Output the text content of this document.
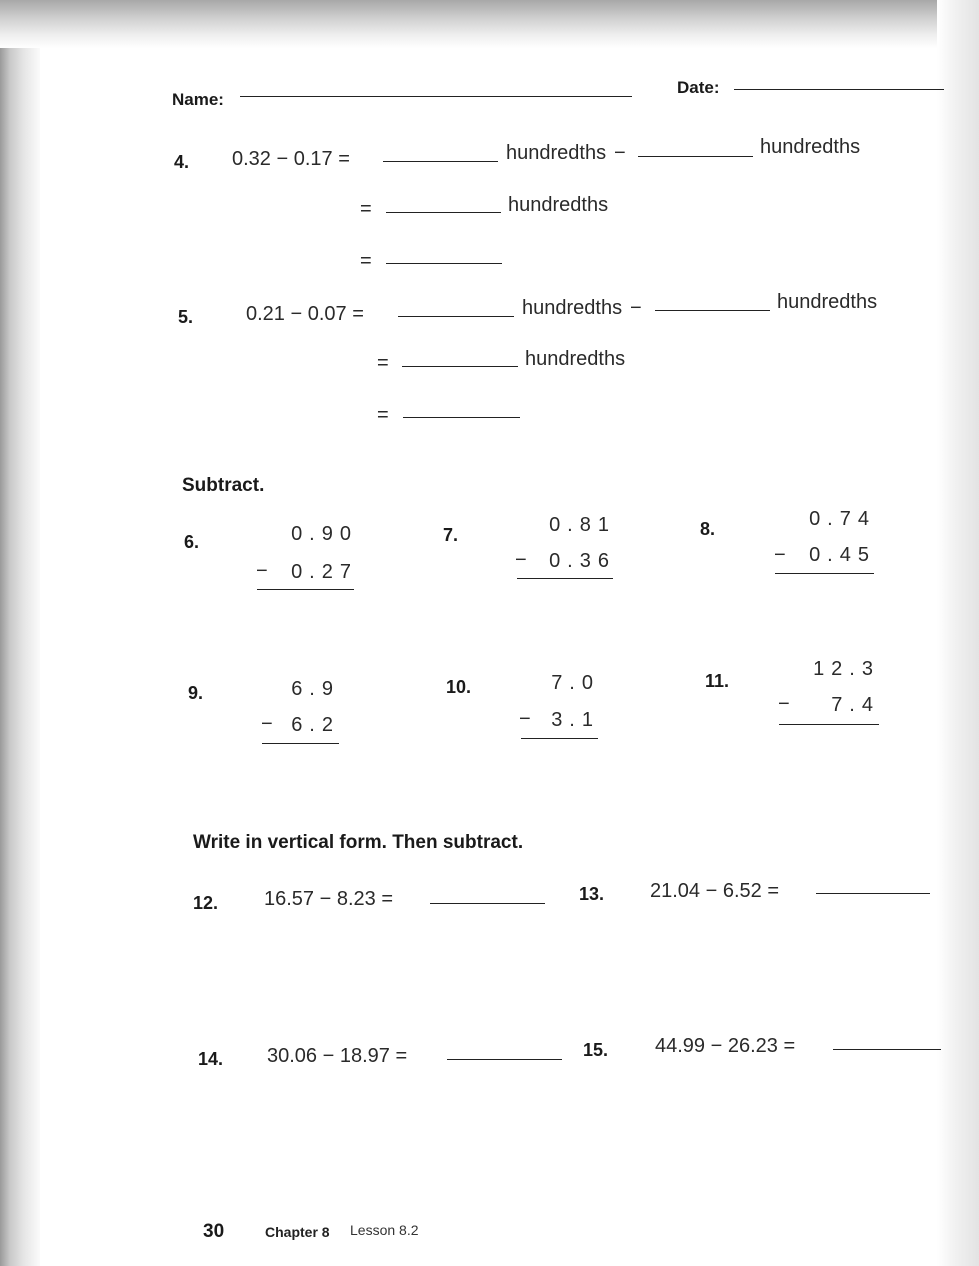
Name:
Date:
4. 0.32 − 0.17 =	hundredths −	hundredths
=	hundredths
=
5.	0.21 − 0.07 =	hundredths −	hundredths
=	hundredths
=
Subtract.
6.	0.90
−	0.27
7.	0.81
−	0.36
8.	0.74
−	0.45
9.	6.9
− 6.2
10.	7.0
−	3.1
11.
12.3
−	7.4
Write in vertical form. Then subtract.
12. 16.57 − 8.23 =	13. 21.04 − 6.52 =
14. 30.06 − 18.97 =	15. 44.99 − 26.23 =
30	Chapter 8 Lesson 8.2
